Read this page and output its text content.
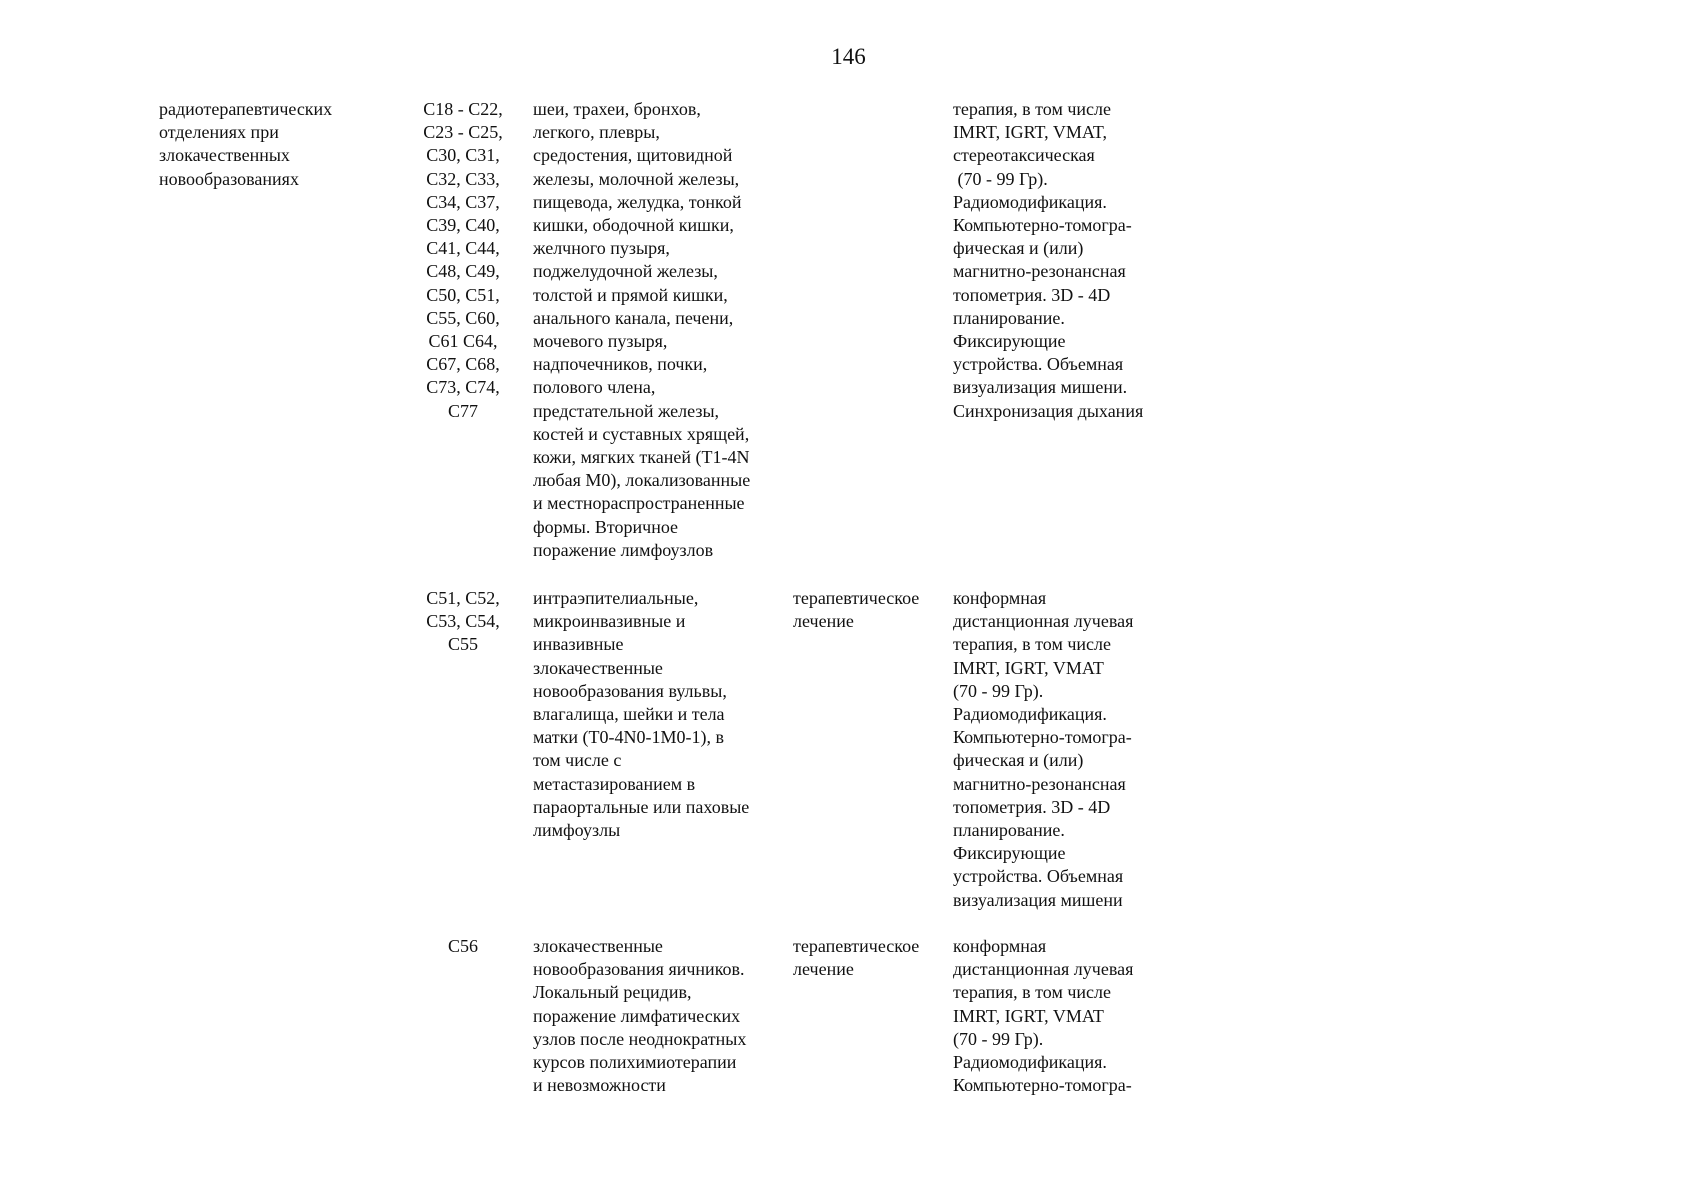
146
радиотерапевтических
отделениях при
злокачественных
новообразованиях
C18 - C22,
C23 - C25,
C30, C31,
C32, C33,
C34, C37,
C39, C40,
C41, C44,
C48, C49,
C50, C51,
C55, C60,
C61 C64,
C67, C68,
C73, C74,
C77
шеи, трахеи, бронхов,
легкого, плевры,
средостения, щитовидной
железы, молочной железы,
пищевода, желудка, тонкой
кишки, ободочной кишки,
желчного пузыря,
поджелудочной железы,
толстой и прямой кишки,
анального канала, печени,
мочевого пузыря,
надпочечников, почки,
полового члена,
предстательной железы,
костей и суставных хрящей,
кожи, мягких тканей (T1-4N
любая M0), локализованные
и местнораспространенные
формы. Вторичное
поражение лимфоузлов
терапия, в том числе
IMRT, IGRT, VMAT,
стереотаксическая
(70 - 99 Гр).
Радиомодификация.
Компьютерно-томогра-
фическая и (или)
магнитно-резонансная
топометрия. 3D - 4D
планирование.
Фиксирующие
устройства. Объемная
визуализация мишени.
Синхронизация дыхания
C51, C52,
C53, C54,
C55
интраэпителиальные,
микроинвазивные и
инвазивные
злокачественные
новообразования вульвы,
влагалища, шейки и тела
матки (T0-4N0-1M0-1), в
том числе с
метастазированием в
параортальные или паховые
лимфоузлы
терапевтическое
лечение
конформная
дистанционная лучевая
терапия, в том числе
IMRT, IGRT, VMAT
(70 - 99 Гр).
Радиомодификация.
Компьютерно-томогра-
фическая и (или)
магнитно-резонансная
топометрия. 3D - 4D
планирование.
Фиксирующие
устройства. Объемная
визуализация мишени
C56	злокачественные
новообразования яичников.
Локальный рецидив,
поражение лимфатических
узлов после неоднократных
курсов полихимиотерапии
и невозможности
терапевтическое
лечение
конформная
дистанционная лучевая
терапия, в том числе
IMRT, IGRT, VMAT
(70 - 99 Гр).
Радиомодификация.
Компьютерно-томогра-
